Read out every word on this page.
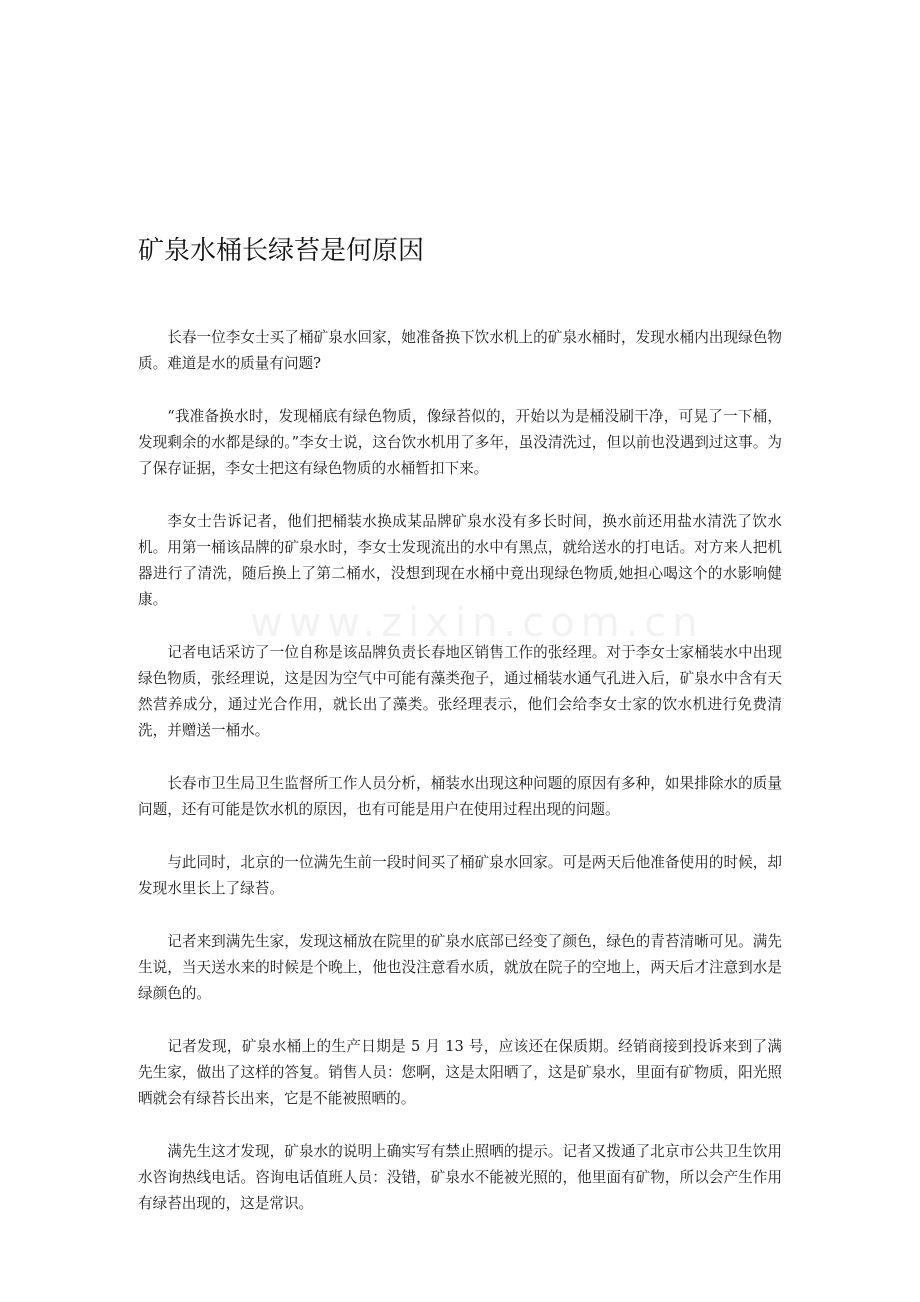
www.zixin.com.cn
矿泉水桶长绿苔是何原因

长春一位李女士买了桶矿泉水回家，她准备换下饮水机上的矿泉水桶时，发现水桶内出现绿色物质。难道是水的质量有问题?

“我准备换水时，发现桶底有绿色物质，像绿苔似的，开始以为是桶没刷干净，可晃了一下桶，发现剩余的水都是绿的。”李女士说，这台饮水机用了多年，虽没清洗过，但以前也没遇到过这事。为了保存证据，李女士把这有绿色物质的水桶暂扣下来。

李女士告诉记者，他们把桶装水换成某品牌矿泉水没有多长时间，换水前还用盐水清洗了饮水机。用第一桶该品牌的矿泉水时，李女士发现流出的水中有黑点，就给送水的打电话。对方来人把机器进行了清洗，随后换上了第二桶水，没想到现在水桶中竟出现绿色物质,她担心喝这个的水影响健康。

记者电话采访了一位自称是该品牌负责长春地区销售工作的张经理。对于李女士家桶装水中出现绿色物质，张经理说，这是因为空气中可能有藻类孢子，通过桶装水通气孔进入后，矿泉水中含有天然营养成分，通过光合作用，就长出了藻类。张经理表示，他们会给李女士家的饮水机进行免费清洗，并赠送一桶水。

长春市卫生局卫生监督所工作人员分析，桶装水出现这种问题的原因有多种，如果排除水的质量问题，还有可能是饮水机的原因，也有可能是用户在使用过程出现的问题。

与此同时，北京的一位满先生前一段时间买了桶矿泉水回家。可是两天后他准备使用的时候，却发现水里长上了绿苔。

记者来到满先生家，发现这桶放在院里的矿泉水底部已经变了颜色，绿色的青苔清晰可见。满先生说，当天送水来的时候是个晚上，他也没注意看水质，就放在院子的空地上，两天后才注意到水是绿颜色的。

记者发现，矿泉水桶上的生产日期是 5 月 13 号，应该还在保质期。经销商接到投诉来到了满先生家，做出了这样的答复。销售人员：您啊，这是太阳晒了，这是矿泉水，里面有矿物质，阳光照晒就会有绿苔长出来，它是不能被照晒的。

满先生这才发现，矿泉水的说明上确实写有禁止照晒的提示。记者又拨通了北京市公共卫生饮用水咨询热线电话。咨询电话值班人员：没错，矿泉水不能被光照的，他里面有矿物，所以会产生作用有绿苔出现的，这是常识。
